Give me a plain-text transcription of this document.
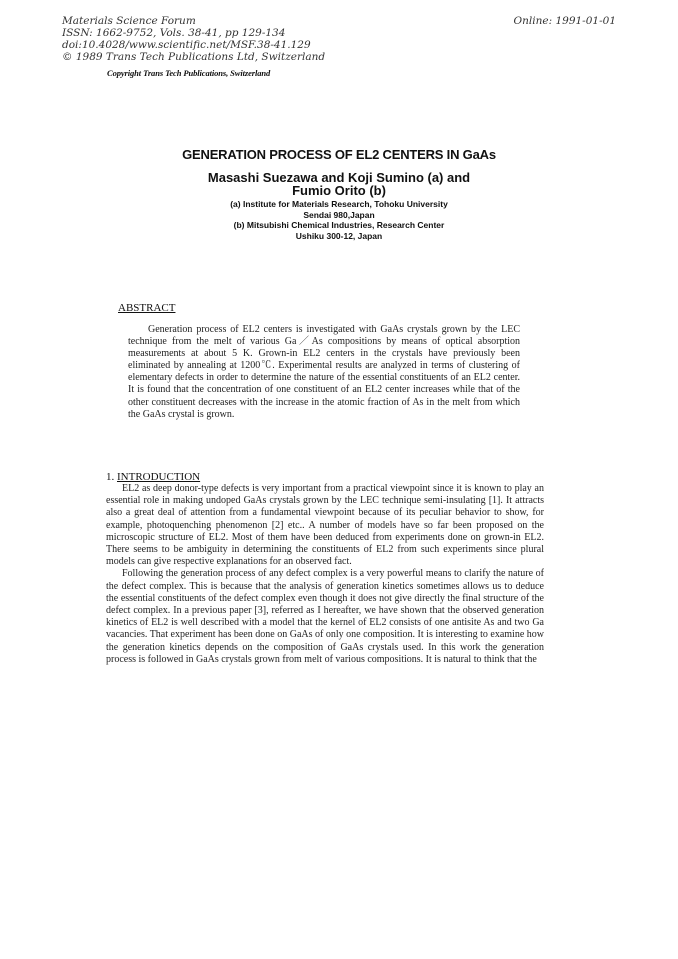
Materials Science Forum
ISSN: 1662-9752, Vols. 38-41, pp 129-134
doi:10.4028/www.scientific.net/MSF.38-41.129
© 1989 Trans Tech Publications Ltd, Switzerland
Online: 1991-01-01
Copyright Trans Tech Publications, Switzerland
GENERATION PROCESS OF EL2 CENTERS IN GaAs
Masashi Suezawa and Koji Sumino (a) and
Fumio Orito (b)
(a) Institute for Materials Research, Tohoku University
Sendai 980,Japan
(b) Mitsubishi Chemical Industries, Research Center
Ushiku 300-12, Japan
ABSTRACT
Generation process of EL2 centers is investigated with GaAs crystals grown by the LEC technique from the melt of various Ga／As compositions by means of optical absorption measurements at about 5 K. Grown-in EL2 centers in the crystals have previously been eliminated by annealing at 1200℃. Experimental results are analyzed in terms of clustering of elementary defects in order to determine the nature of the essential constituents of an EL2 center. It is found that the concentration of one constituent of an EL2 center increases while that of the other constituent decreases with the increase in the atomic fraction of As in the melt from which the GaAs crystal is grown.
1. INTRODUCTION

EL2 as deep donor-type defects is very important from a practical viewpoint since it is known to play an essential role in making undoped GaAs crystals grown by the LEC technique semi-insulating [1]. It attracts also a great deal of attention from a fundamental viewpoint because of its peculiar behavior to show, for example, photoquenching phenomenon [2] etc.. A number of models have so far been proposed on the microscopic structure of EL2. Most of them have been deduced from experiments done on grown-in EL2. There seems to be ambiguity in determining the constituents of EL2 from such experiments since plural models can give respective explanations for an observed fact.

Following the generation process of any defect complex is a very powerful means to clarify the nature of the defect complex. This is because that the analysis of generation kinetics sometimes allows us to deduce the essential constituents of the defect complex even though it does not give directly the final structure of the defect complex. In a previous paper [3], referred as I hereafter, we have shown that the observed generation kinetics of EL2 is well described with a model that the kernel of EL2 consists of one antisite As and two Ga vacancies. That experiment has been done on GaAs of only one composition. It is interesting to examine how the generation kinetics depends on the composition of GaAs crystals used. In this work the generation process is followed in GaAs crystals grown from melt of various compositions. It is natural to think that the
